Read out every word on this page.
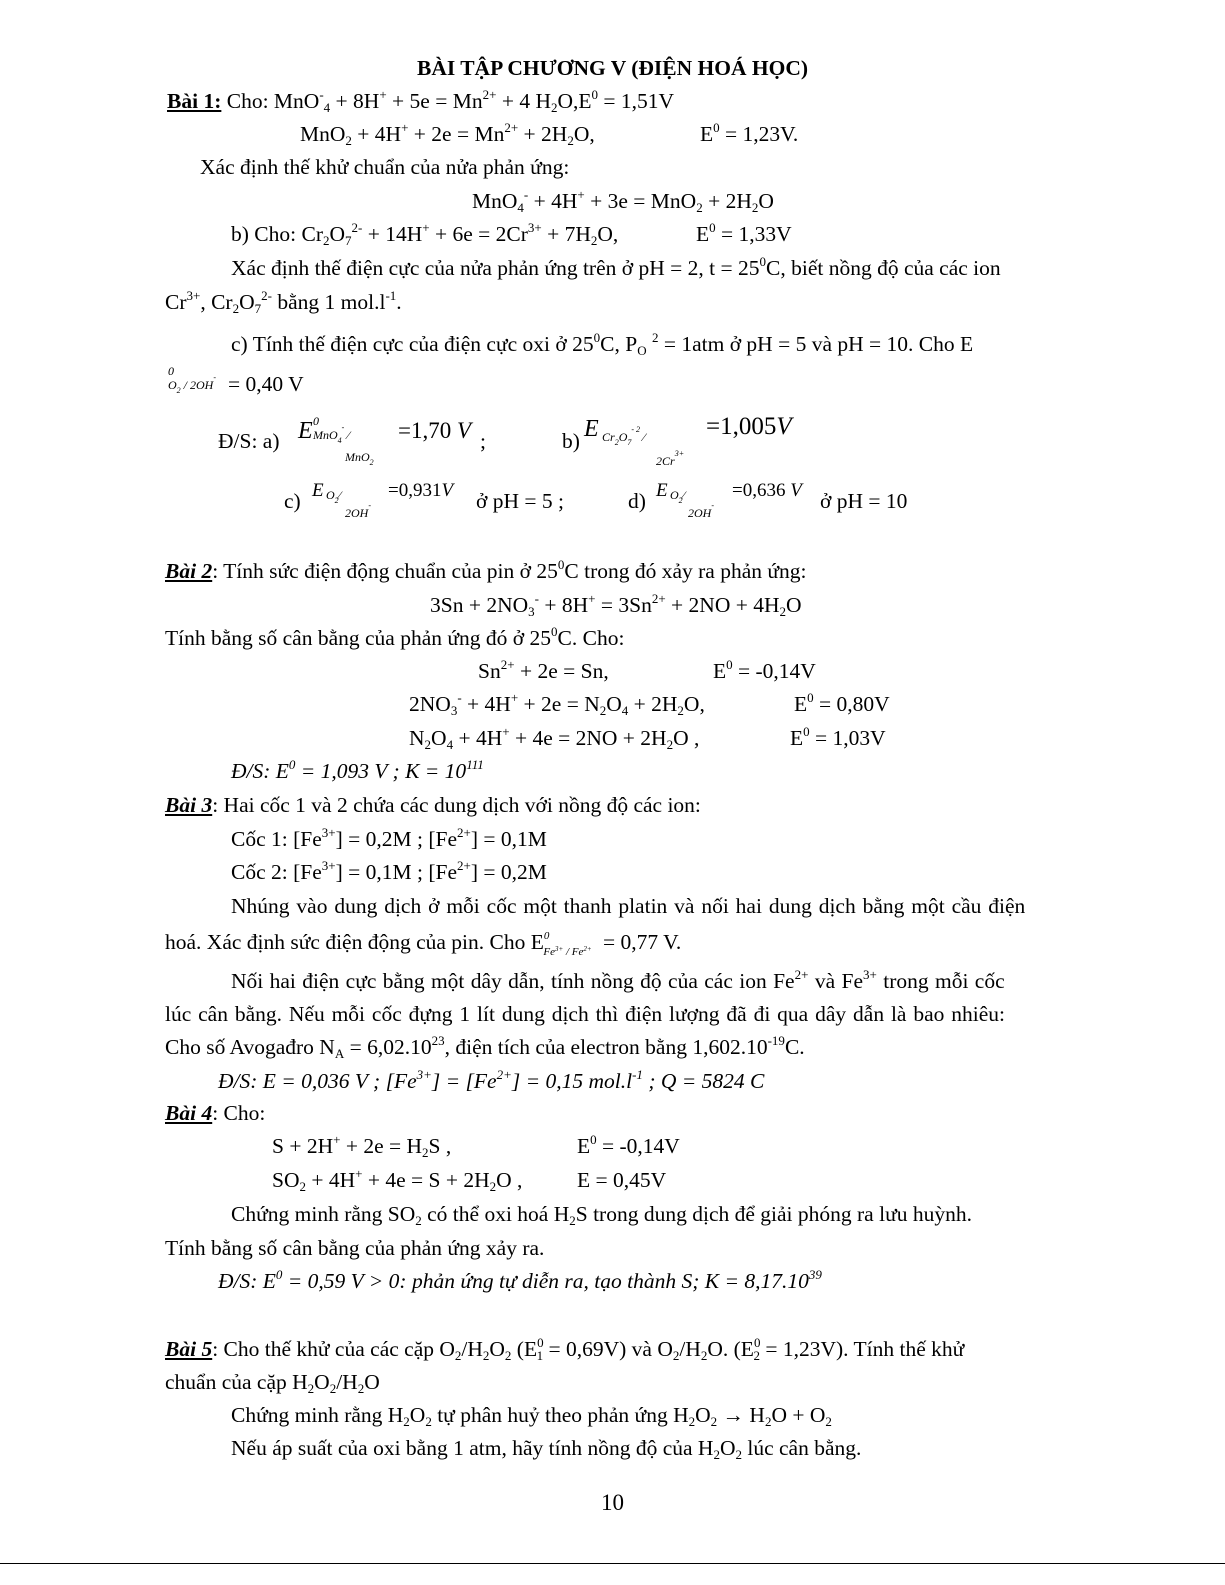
BÀI TẬP CHƯƠNG V (ĐIỆN HOÁ HỌC)
Bài 1: Cho: $MnO^-_4 + 8H^+ + 5e = Mn^{2+} + 4$ $H_2O,E^0 = 1,51V$
$MnO_2 + 4H^+ + 2e = Mn^{2+} + 2H_2O$,	$E^0 = 1,23V$.
Xác định thế khử chuẩn của nửa phản ứng:
$MnO_4^- + 4H^+ + 3e = MnO_2 + 2H_2O$
b) Cho: $Cr_2O_7^{2-} + 14H^+ + 6e = 2Cr^{3+} + 7H_2O$,	$E^0 = 1,33V$
Xác định thế điện cực của nửa phản ứng trên ở pH = 2, $t = 25^0C$, biết nồng độ của các ion
$Cr^{3+}$, $Cr_2O_7^{2-}$ bằng 1 $mol.l^{-1}$.
c) Tính thế điện cực của điện cực oxi ở $25^0C$, $P_O$ $^2$ = 1atm ở pH = 5 và pH = 10. Cho E
0
$O_2 / 2OH^- = 0,40$ V
Đ/S: a) E 0
MnO$_4$- ⁄
MnO$_2$
=1,70 V ;	b) E $Cr_2O_7^{- 2}$ ⁄
$2Cr^{3+}$
=1,005V
c) E $O_2⁄$
2OH-
=0,931V ở pH = 5 ;	d) E $O_2⁄$
2OH-
=0,636 V ở pH = 10
Bài 2: Tính sức điện động chuẩn của pin ở $25^0C$ trong đó xảy ra phản ứng:
$3Sn + 2NO_3^- + 8H^+ = 3Sn^{2+} + 2NO + 4H_2O$
Tính bằng số cân bằng của phản ứng đó ở $25^0C$. Cho:
$Sn^{2+} + 2e = Sn$,	$E^0 = -0,14V$
$2NO_3^- + 4H^+ + 2e = N_2O_4 + 2H_2O$,	$E^0 = 0,80V$
$N_2O_4 + 4H^+ + 4e = 2NO + 2H_2O$ ,	$E^0 = 1,03V$
Đ/S: $E^0 = 1,093$ V ; $K = 10^{111}$
Bài 3: Hai cốc 1 và 2 chứa các dung dịch với nồng độ các ion:
Cốc 1: $[Fe^{3+}] = 0,2M$ ; $[Fe^{2+}] = 0,1M$
Cốc 2: $[Fe^{3+}] = 0,1M$ ; $[Fe^{2+}] = 0,2M$
Nhúng vào dung dịch ở mỗi cốc một thanh platin và nối hai dung dịch bằng một cầu điện
hoá. Xác định sức điện động của pin. Cho $E^0_{Fe^{3+} / Fe^{2+}} = 0,77$ V.
Nối hai điện cực bằng một dây dẫn, tính nồng độ của các ion $Fe^{2+}$ và $Fe^{3+}$ trong mỗi cốc
lúc cân bằng. Nếu mỗi cốc đựng 1 lít dung dịch thì điện lượng đã đi qua dây dẫn là bao nhiêu:
Cho số Avogađro $N_A = 6,02.10^{23}$, điện tích của electron bằng $1,602.10^{-19}C$.
Đ/S: E = 0,036 V ; $[Fe^{3+}] = [Fe^{2+}] = 0,15$ $mol.l^{-1}$ ; Q = 5824 C
Bài 4: Cho:
$S + 2H^+ + 2e = H_2S$ ,	$E^0 = -0,14V$
$SO_2 + 4H^+ + 4e = S + 2H_2O$ ,	E = 0,45V
Chứng minh rằng $SO_2$ có thể oxi hoá $H_2S$ trong dung dịch để giải phóng ra lưu huỳnh.
Tính bằng số cân bằng của phản ứng xảy ra.
Đ/S: $E^0 = 0,59$ V > 0: phản ứng tự diễn ra, tạo thành S; $K = 8,17.10^{39}$
Bài 5: Cho thế khử của các cặp $O_2/H_2O_2$ $(E^0_1 = 0,69V)$ và $O_2/H_2O$. $(E^0_2 = 1,23V)$. Tính thế khử
chuẩn của cặp $H_2O_2/H_2O$
Chứng minh rằng $H_2O_2$ tự phân huỷ theo phản ứng $H_2O_2 \to H_2O + O_2$
Nếu áp suất của oxi bằng 1 atm, hãy tính nồng độ của $H_2O_2$ lúc cân bằng.
10
